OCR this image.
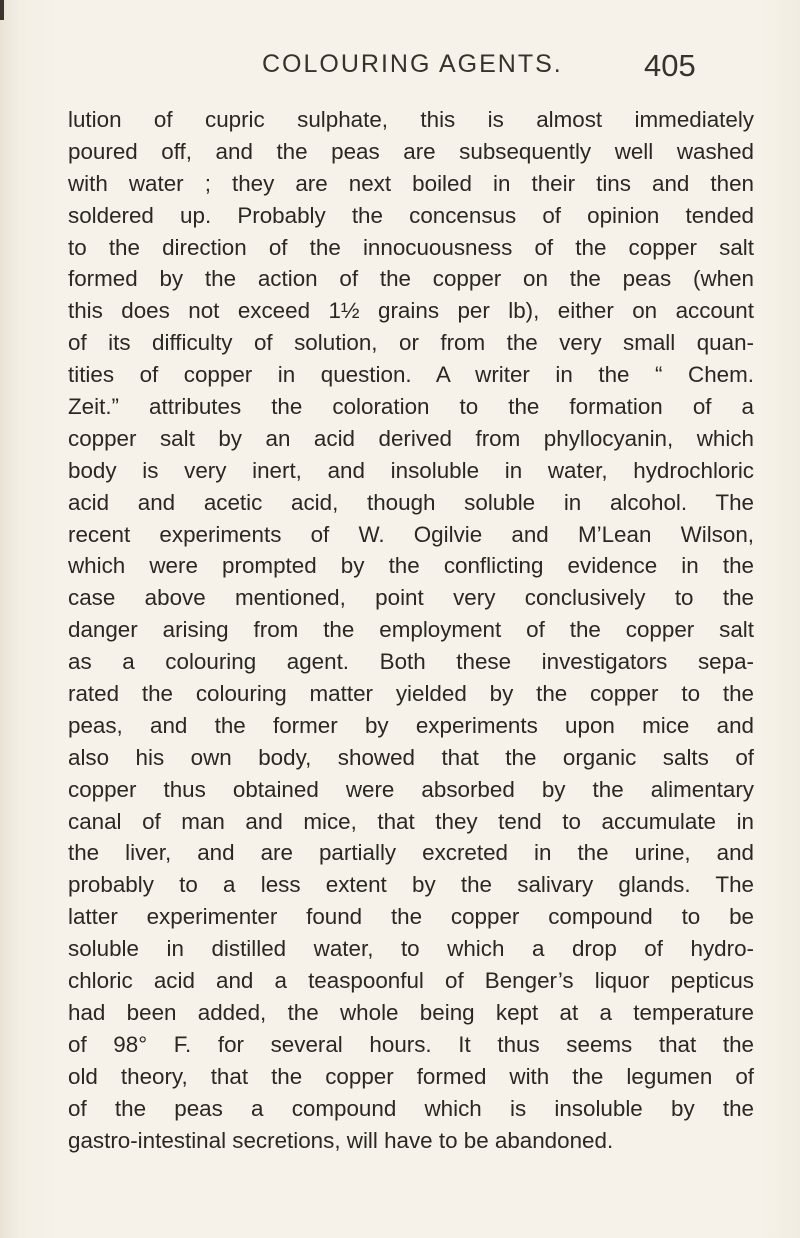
COLOURING AGENTS.	405
lution of cupric sulphate, this is almost immediately
poured off, and the peas are subsequently well washed
with water ; they are next boiled in their tins and then
soldered up. Probably the concensus of opinion tended
to the direction of the innocuousness of the copper salt
formed by the action of the copper on the peas (when
this does not exceed 1½ grains per lb), either on account
of its difficulty of solution, or from the very small quan-
tities of copper in question. A writer in the “ Chem.
Zeit.” attributes the coloration to the formation of a
copper salt by an acid derived from phyllocyanin, which
body is very inert, and insoluble in water, hydrochloric
acid and acetic acid, though soluble in alcohol. The
recent experiments of W. Ogilvie and M’Lean Wilson,
which were prompted by the conflicting evidence in the
case above mentioned, point very conclusively to the
danger arising from the employment of the copper salt
as a colouring agent. Both these investigators sepa-
rated the colouring matter yielded by the copper to the
peas, and the former by experiments upon mice and
also his own body, showed that the organic salts of
copper thus obtained were absorbed by the alimentary
canal of man and mice, that they tend to accumulate in
the liver, and are partially excreted in the urine, and
probably to a less extent by the salivary glands. The
latter experimenter found the copper compound to be
soluble in distilled water, to which a drop of hydro-
chloric acid and a teaspoonful of Benger’s liquor pepticus
had been added, the whole being kept at a temperature
of 98° F. for several hours. It thus seems that the
old theory, that the copper formed with the legumen of
of the peas a compound which is insoluble by the
gastro-intestinal secretions, will have to be abandoned.
